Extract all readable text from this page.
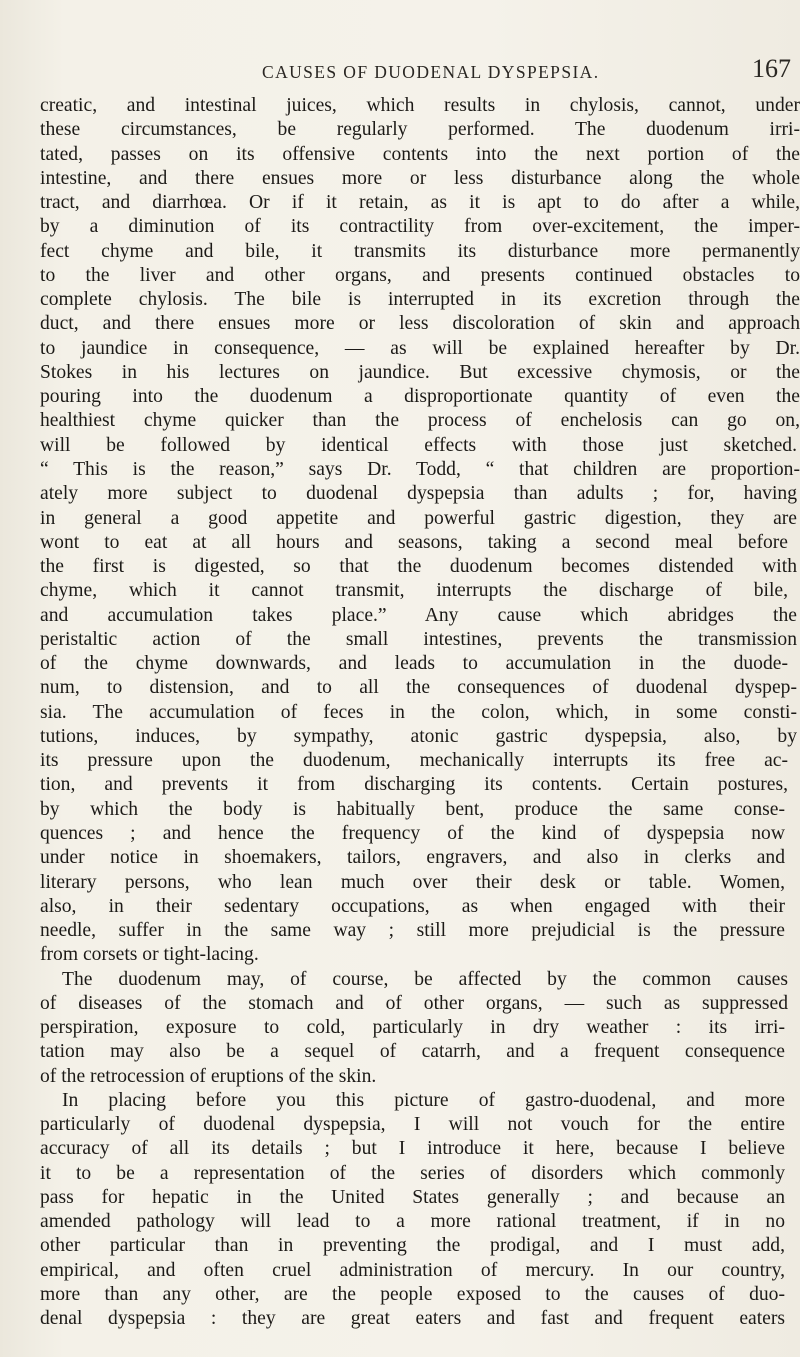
CAUSES OF DUODENAL DYSPEPSIA.	167
creatic, and intestinal juices, which results in chylosis, cannot, under
these circumstances, be regularly performed. The duodenum irri-
tated, passes on its offensive contents into the next portion of the
intestine, and there ensues more or less disturbance along the whole
tract, and diarrhœa. Or if it retain, as it is apt to do after a while,
by a diminution of its contractility from over-excitement, the imper-
fect chyme and bile, it transmits its disturbance more permanently
to the liver and other organs, and presents continued obstacles to
complete chylosis. The bile is interrupted in its excretion through the
duct, and there ensues more or less discoloration of skin and approach
to jaundice in consequence, — as will be explained hereafter by Dr.
Stokes in his lectures on jaundice. But excessive chymosis, or the
pouring into the duodenum a disproportionate quantity of even the
healthiest chyme quicker than the process of enchelosis can go on,
will be followed by identical effects with those just sketched.
“ This is the reason,” says Dr. Todd, “ that children are proportion-
ately more subject to duodenal dyspepsia than adults ; for, having
in general a good appetite and powerful gastric digestion, they are
wont to eat at all hours and seasons, taking a second meal before
the first is digested, so that the duodenum becomes distended with
chyme, which it cannot transmit, interrupts the discharge of bile,
and accumulation takes place.” Any cause which abridges the
peristaltic action of the small intestines, prevents the transmission
of the chyme downwards, and leads to accumulation in the duode-
num, to distension, and to all the consequences of duodenal dyspep-
sia. The accumulation of feces in the colon, which, in some consti-
tutions, induces, by sympathy, atonic gastric dyspepsia, also, by
its pressure upon the duodenum, mechanically interrupts its free ac-
tion, and prevents it from discharging its contents. Certain postures,
by which the body is habitually bent, produce the same conse-
quences ; and hence the frequency of the kind of dyspepsia now
under notice in shoemakers, tailors, engravers, and also in clerks and
literary persons, who lean much over their desk or table. Women,
also, in their sedentary occupations, as when engaged with their
needle, suffer in the same way ; still more prejudicial is the pressure
from corsets or tight-lacing.
The duodenum may, of course, be affected by the common causes
of diseases of the stomach and of other organs, — such as suppressed
perspiration, exposure to cold, particularly in dry weather : its irri-
tation may also be a sequel of catarrh, and a frequent consequence
of the retrocession of eruptions of the skin.
In placing before you this picture of gastro-duodenal, and more
particularly of duodenal dyspepsia, I will not vouch for the entire
accuracy of all its details ; but I introduce it here, because I believe
it to be a representation of the series of disorders which commonly
pass for hepatic in the United States generally ; and because an
amended pathology will lead to a more rational treatment, if in no
other particular than in preventing the prodigal, and I must add,
empirical, and often cruel administration of mercury. In our country,
more than any other, are the people exposed to the causes of duo-
denal dyspepsia : they are great eaters and fast and frequent eaters
